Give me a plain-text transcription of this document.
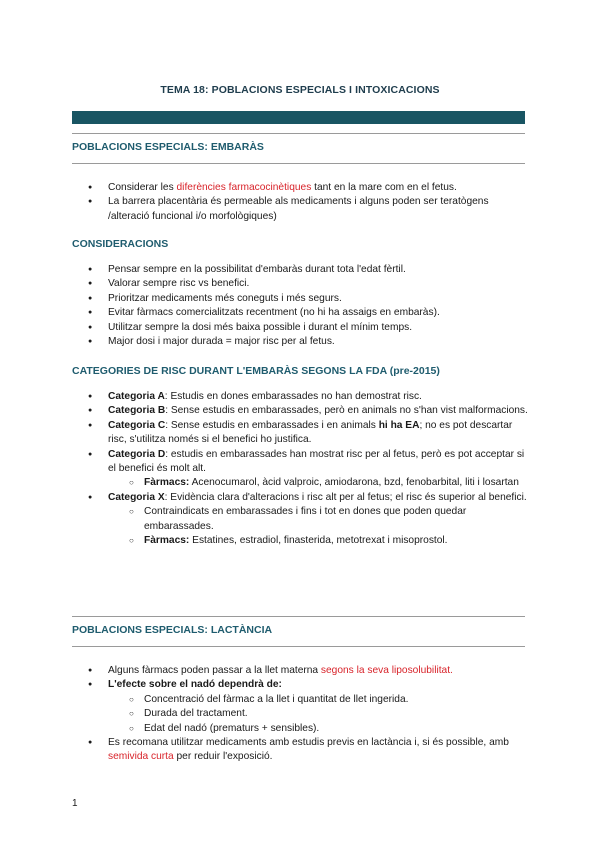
TEMA 18: POBLACIONS ESPECIALS I INTOXICACIONS
POBLACIONS ESPECIALS: EMBARÀS
● Considerar les diferències farmacocinètiques tant en la mare com en el fetus.
● La barrera placentària és permeable als medicaments i alguns poden ser teratògens /alteració funcional i/o morfològiques)
CONSIDERACIONS
● Pensar sempre en la possibilitat d'embaràs durant tota l'edat fèrtil.
● Valorar sempre risc vs benefici.
● Prioritzar medicaments més coneguts i més segurs.
● Evitar fàrmacs comercialitzats recentment (no hi ha assaigs en embaràs).
● Utilitzar sempre la dosi més baixa possible i durant el mínim temps.
● Major dosi i major durada = major risc per al fetus.
CATEGORIES DE RISC DURANT L'EMBARÀS SEGONS LA FDA (pre-2015)
● Categoria A: Estudis en dones embarassades no han demostrat risc.
● Categoria B: Sense estudis en embarassades, però en animals no s'han vist malformacions.
● Categoria C: Sense estudis en embarassades i en animals hi ha EA; no es pot descartar risc, s'utilitza només si el benefici ho justifica.
● Categoria D: estudis en embarassades han mostrat risc per al fetus, però es pot acceptar si el benefici és molt alt.
○ Fàrmacs: Acenocumarol, àcid valproic, amiodarona, bzd, fenobarbital, liti i losartan
● Categoria X: Evidència clara d'alteracions i risc alt per al fetus; el risc és superior al benefici.
○ Contraindicats en embarassades i fins i tot en dones que poden quedar embarassades.
○ Fàrmacs: Estatines, estradiol, finasterida, metotrexat i misoprostol.
POBLACIONS ESPECIALS: LACTÀNCIA
● Alguns fàrmacs poden passar a la llet materna segons la seva liposolubilitat.
● L'efecte sobre el nadó dependrà de:
○ Concentració del fàrmac a la llet i quantitat de llet ingerida.
○ Durada del tractament.
○ Edat del nadó (prematurs + sensibles).
● Es recomana utilitzar medicaments amb estudis previs en lactància i, si és possible, amb semivida curta per reduir l'exposició.
1
